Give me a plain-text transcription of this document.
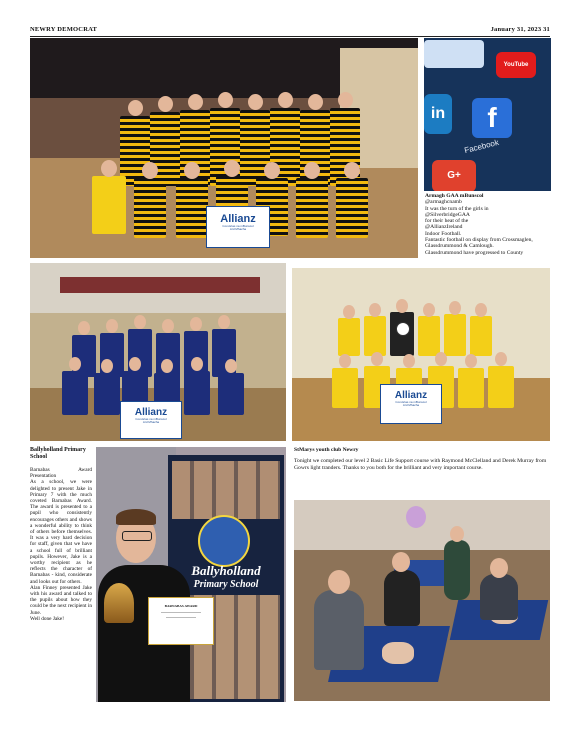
NEWRY DEMOCRAT	January 31, 2023 31
Allianz
Comórtas na mBunscol
Ard Mhacha
YouTube
f
in
G+
Facebook
Armagh GAA mBunscol
@armaghcnamb
It was the turn of the girls in
@SilverbridgeGAA
for their heat of the
@AllianzIreland
Indoor Football.
Fantastic football on display from Crossmaglen,
Glassdrummond & Camlough.
Glassdrummond have progressed to County
Allianz
Comórtas na mBunscol
Ard Mhacha
Allianz
Comórtas na mBunscol
Ard Mhacha
Ballyholland Primary School
Barnabas Award Presentation
As a school, we were delighted to present Jake in Primary 7 with the much coveted Barnabas Award. The award is presented to a pupil who consistently encourages others and shows a wonderful ability to think of others before themselves. It was a very hard decision for staff, given that we have a school full of brilliant pupils. However, Jake is a worthy recipient as he reflects the character of Barnabas - kind, considerate and looks out for others.
Alan Finney presented Jake with his award and talked to the pupils about how they could be the next recipient in June.
Well done Jake!
Ballyholland
Primary School
BARNABAS AWARD
StMarys youth club Newry
Tonight we completed our level 2 Basic Life Support course with Raymond McClelland and Derek Murray from Gowrs light tranders. Thanks to you both for the brilliant and very important course.
